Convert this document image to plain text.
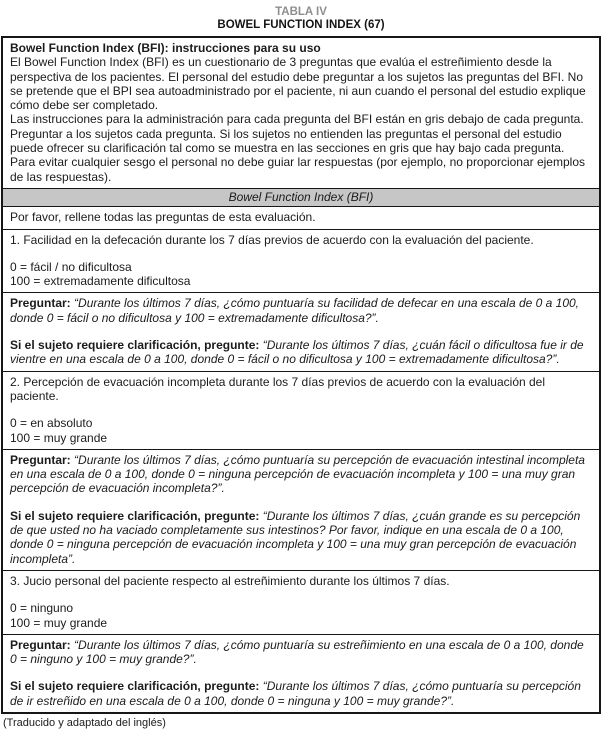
TABLA IV
BOWEL FUNCTION INDEX (67)

Bowel Function Index (BFI): instrucciones para su uso

El Bowel Function Index (BFI) es un cuestionario de 3 preguntas que evalúa el estreñimiento desde la perspectiva de los pacientes. El personal del estudio debe preguntar a los sujetos las preguntas del BFI. No se pretende que el BPI sea autoadministrado por el paciente, ni aun cuando el personal del estudio explique cómo debe ser completado.

Las instrucciones para la administración para cada pregunta del BFI están en gris debajo de cada pregunta. Preguntar a los sujetos cada pregunta. Si los sujetos no entienden las preguntas el personal del estudio puede ofrecer su clarificación tal como se muestra en las secciones en gris que hay bajo cada pregunta. Para evitar cualquier sesgo el personal no debe guiar lar respuestas (por ejemplo, no proporcionar ejemplos de las respuestas).

Bowel Function Index (BFI)

Por favor, rellene todas las preguntas de esta evaluación.

1. Facilidad en la defecación durante los 7 días previos de acuerdo con la evaluación del paciente.

0 = fácil / no dificultosa

100 = extremadamente dificultosa

Preguntar: “Durante los últimos 7 días, ¿cómo puntuaría su facilidad de defecar en una escala de 0 a 100, donde 0 = fácil o no dificultosa y 100 = extremadamente dificultosa?”.

Si el sujeto requiere clarificación, pregunte: “Durante los últimos 7 días, ¿cuán fácil o dificultosa fue ir de vientre en una escala de 0 a 100, donde 0 = fácil o no dificultosa y 100 = extremadamente dificultosa?”.

2. Percepción de evacuación incompleta durante los 7 días previos de acuerdo con la evaluación del paciente.

0 = en absoluto

100 = muy grande

Preguntar: “Durante los últimos 7 días, ¿cómo puntuaría su percepción de evacuación intestinal incompleta en una escala de 0 a 100, donde 0 = ninguna percepción de evacuación incompleta y 100 = una muy gran percepción de evacuación incompleta?”.

Si el sujeto requiere clarificación, pregunte: “Durante los últimos 7 días, ¿cuán grande es su percepción de que usted no ha vaciado completamente sus intestinos? Por favor, indique en una escala de 0 a 100, donde 0 = ninguna percepción de evacuación incompleta y 100 = una muy gran percepción de evacuación incompleta”.

3. Jucio personal del paciente respecto al estreñimiento durante los últimos 7 días.

0 = ninguno

100 = muy grande

Preguntar: “Durante los últimos 7 días, ¿cómo puntuaría su estreñimiento en una escala de 0 a 100, donde 0 = ninguno y 100 = muy grande?”.

Si el sujeto requiere clarificación, pregunte: “Durante los últimos 7 días, ¿cómo puntuaría su percepción de ir estreñido en una escala de 0 a 100, donde 0 = ninguna y 100 = muy grande?”.

(Traducido y adaptado del inglés)
